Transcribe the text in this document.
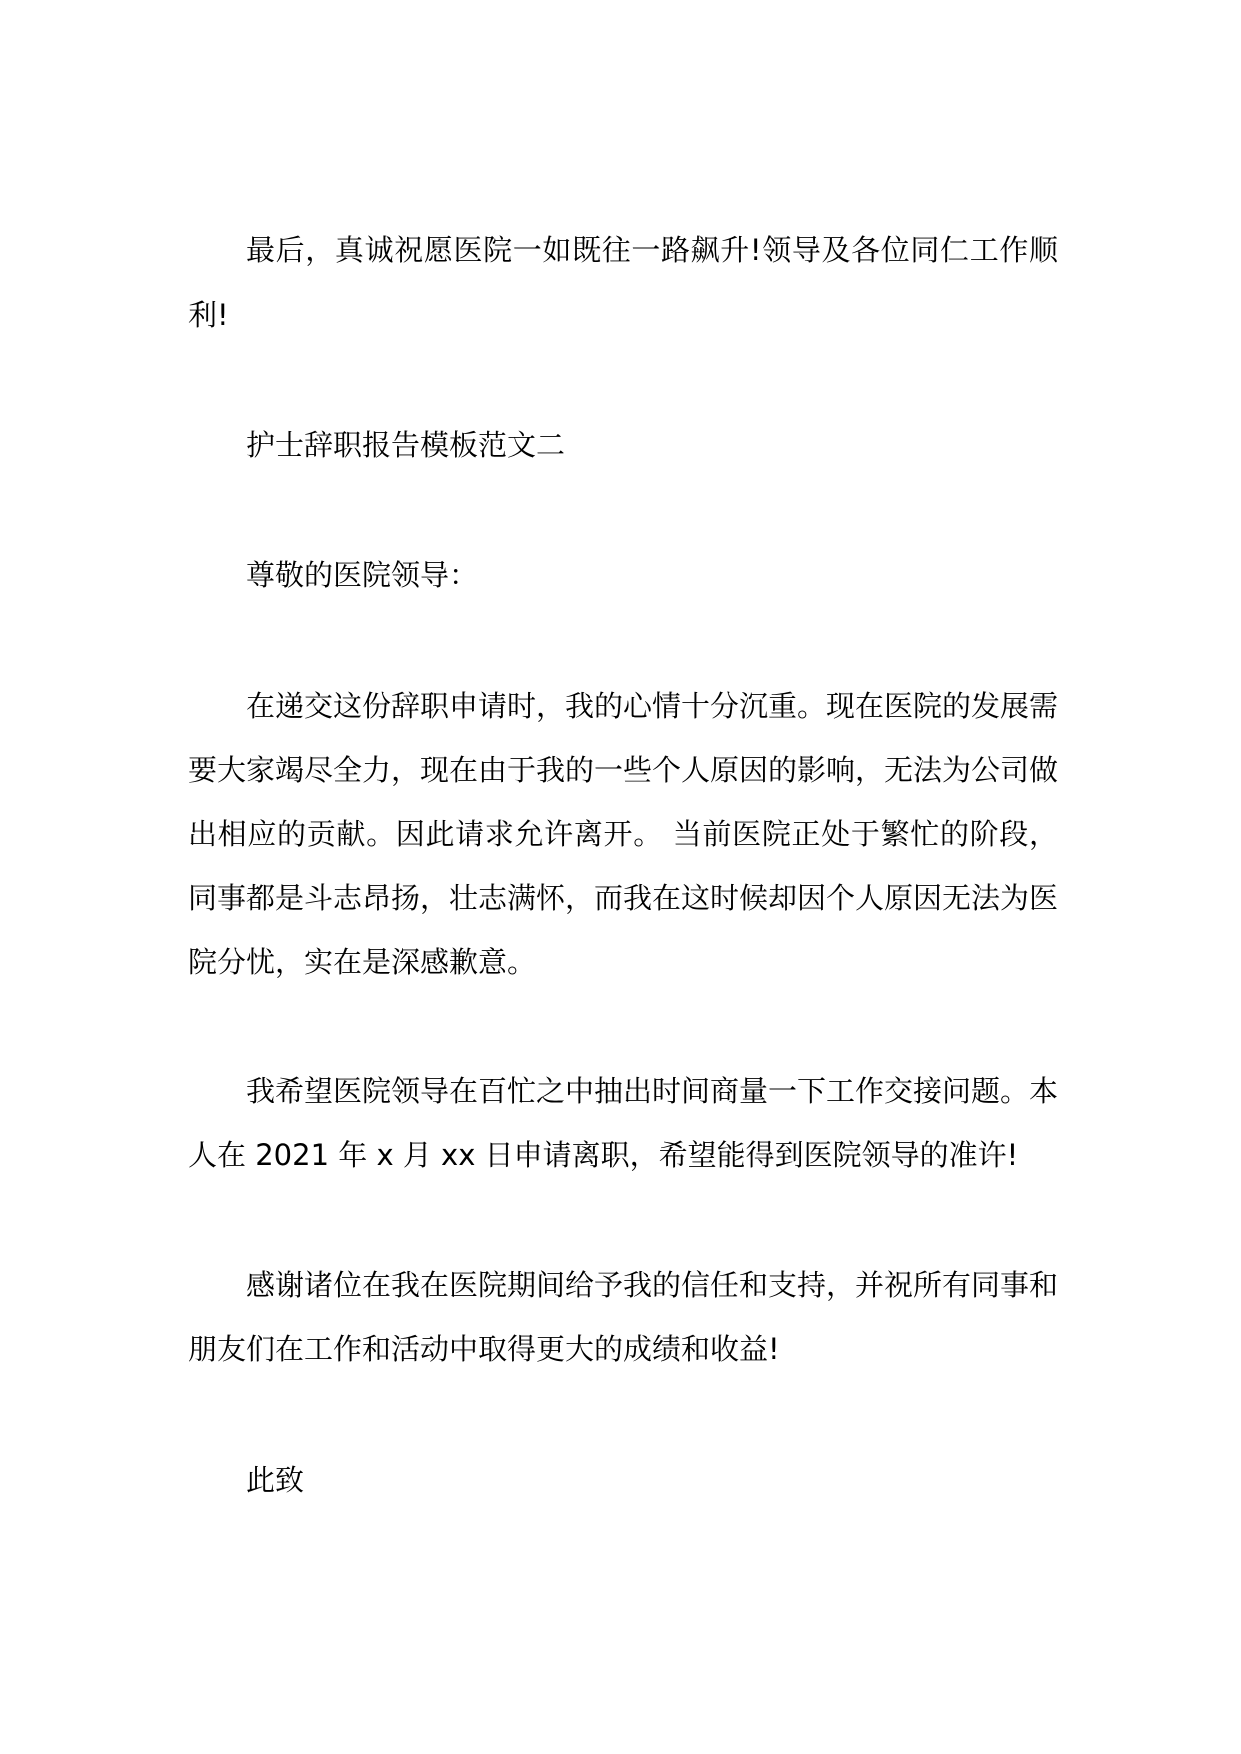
最后，真诚祝愿医院一如既往一路飙升!领导及各位同仁工作顺
利!
护士辞职报告模板范文二
尊敬的医院领导：
在递交这份辞职申请时，我的心情十分沉重。现在医院的发展需
要大家竭尽全力，现在由于我的一些个人原因的影响，无法为公司做
出相应的贡献。因此请求允许离开。 当前医院正处于繁忙的阶段，
同事都是斗志昂扬，壮志满怀，而我在这时候却因个人原因无法为医
院分忧，实在是深感歉意。
我希望医院领导在百忙之中抽出时间商量一下工作交接问题。本
人在 2021 年 x 月 xx 日申请离职，希望能得到医院领导的准许!
感谢诸位在我在医院期间给予我的信任和支持，并祝所有同事和
朋友们在工作和活动中取得更大的成绩和收益!
此致
